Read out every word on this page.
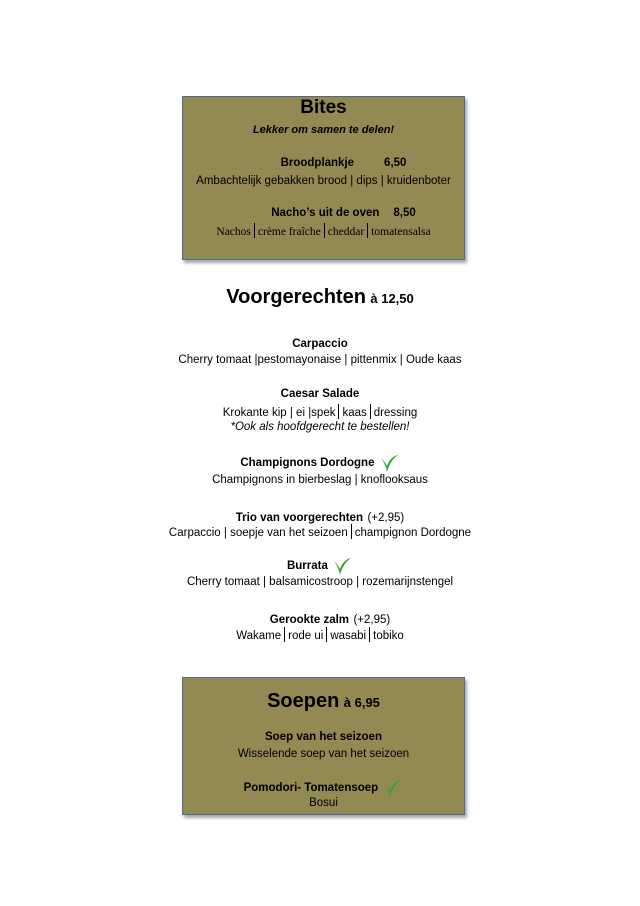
Bites
Lekker om samen te delen!
Broodplankje	6,50
Ambachtelijk gebakken brood | dips | kruidenboter
Nacho’s uit de oven 8,50
Nachos crème fraîche cheddar tomatensalsa
Voorgerechten à 12,50
Carpaccio
Cherry tomaat |pestomayonaise | pittenmix | Oude kaas
Caesar Salade
Krokante kip | ei |spek kaas dressing
*Ook als hoofdgerecht te bestellen!
Champignons Dordogne
Champignons in bierbeslag | knoflooksaus
Trio van voorgerechten (+2,95)
Carpaccio | soepje van het seizoen champignon Dordogne
Burrata
Cherry tomaat | balsamicostroop | rozemarijnstengel
Gerookte zalm (+2,95)
Wakame rode ui wasabi tobiko
Soepen à 6,95
Soep van het seizoen
Wisselende soep van het seizoen
Pomodori- Tomatensoep
Bosui
